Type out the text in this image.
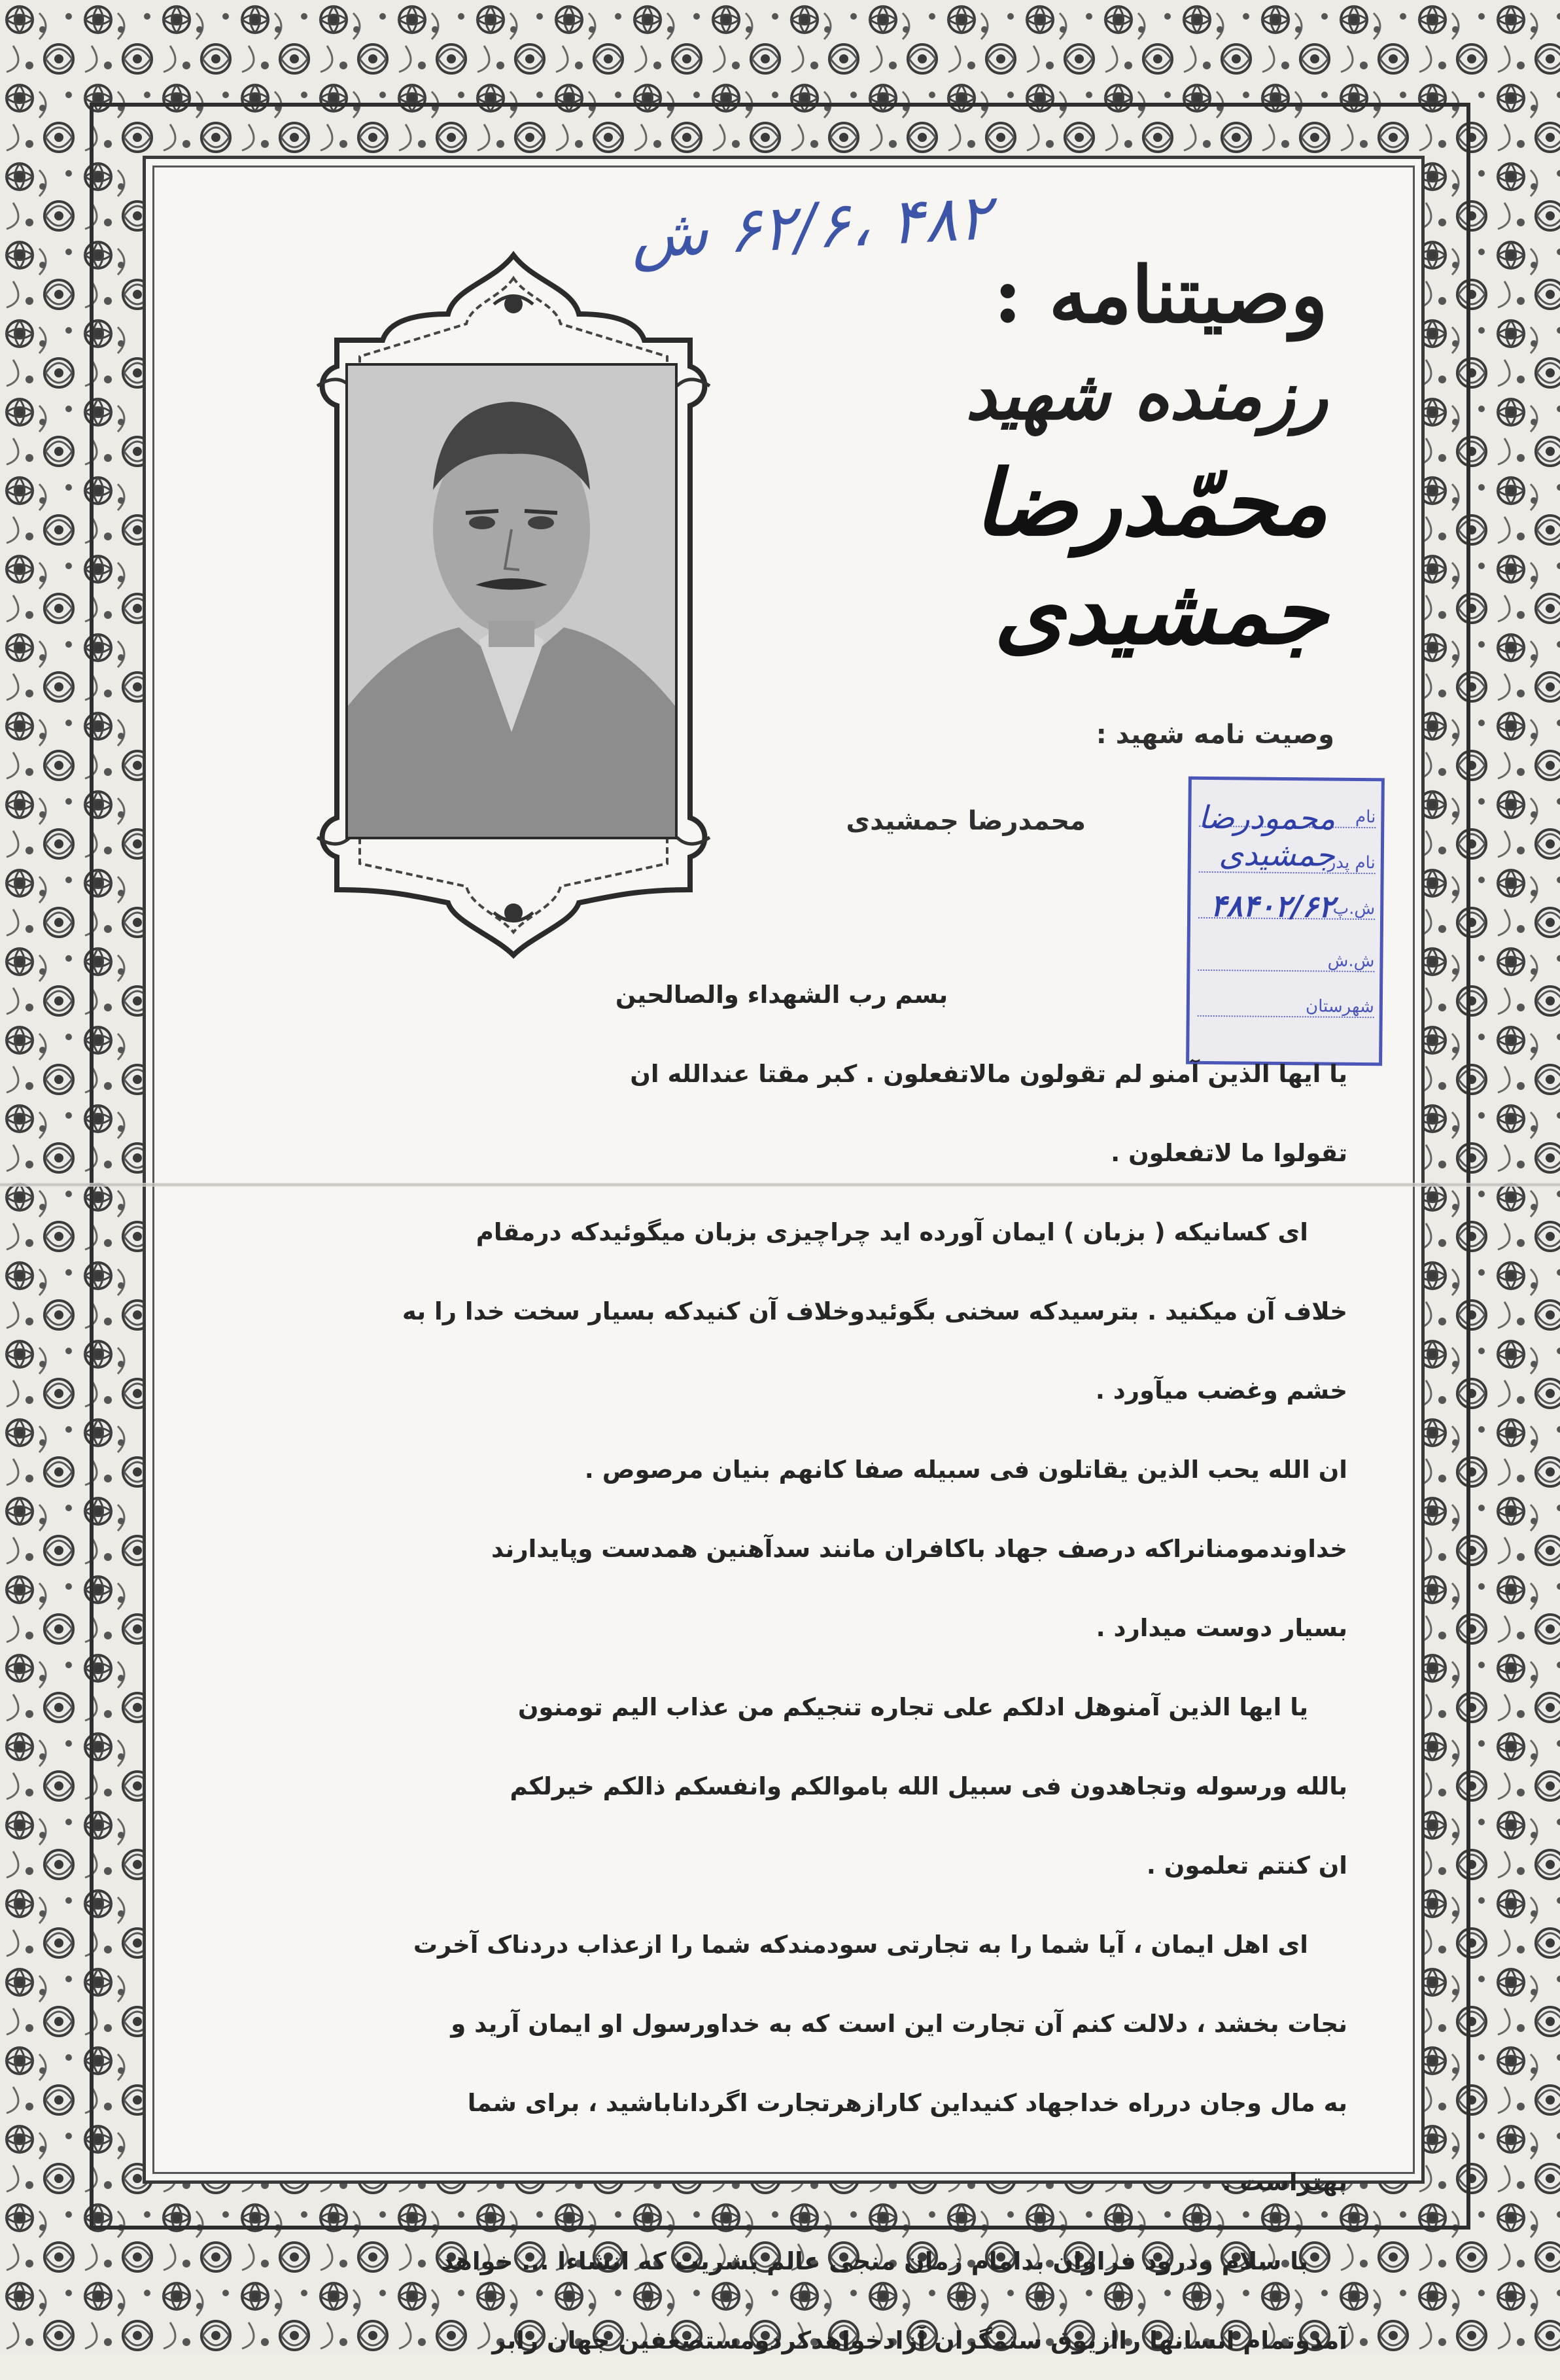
۴۸۲ ،۶۲/۶ ش

وصیتنامه :

رزمنده شهید

محمّدرضا جمشیدی

وصیت نامه شهید :
محمدرضا جمشیدی	نام
نام پدر
ش.پ
ش.ش
شهرستان
محمودرضا جمشیدی
۴۸۴۰۲/۶۲
بسم رب الشهداء والصالحین
یا ایها الذین آمنو لم تقولون مالاتفعلون . کبر مقتا عندالله ان
تقولوا ما لاتفعلون .
ای کسانیکه ( بزبان ) ایمان آورده اید چراچیزی بزبان میگوئیدکه درمقام
خلاف آن میکنید . بترسیدکه سخنی بگوئیدوخلاف آن کنیدکه بسیار سخت خدا را به
خشم وغضب میآورد .
ان الله یحب الذین یقاتلون فی سبیله صفا کانهم بنیان مرصوص .
خداوندمومنانراکه درصف جهاد باکافران مانند سدآهنین همدست وپایدارند
بسیار دوست میدارد .
یا ایها الذین آمنوهل ادلکم علی تجاره تنجیکم من عذاب الیم تومنون
بالله ورسوله وتجاهدون فی سبیل الله باموالکم وانفسکم ذالکم خیرلکم
ان کنتم تعلمون .
ای اهل ایمان ، آیا شما را به تجارتی سودمندکه شما را ازعذاب دردناک آخرت
نجات بخشد ، دلالت کنم آن تجارت این است که به خداورسول او ایمان آرید و
به مال وجان درراه خداجهاد کنیداین کارازهرتجارت اگرداناباشید ، برای شما
بهتراست .
با سلام ودرود فراوان بدامام زمان منجی عالم بشریت که انشاءا ... خواهد
آمدوتمام انسانها راازیوق ستمگران آزادخواهدکردومستضعفین جهان رابر
